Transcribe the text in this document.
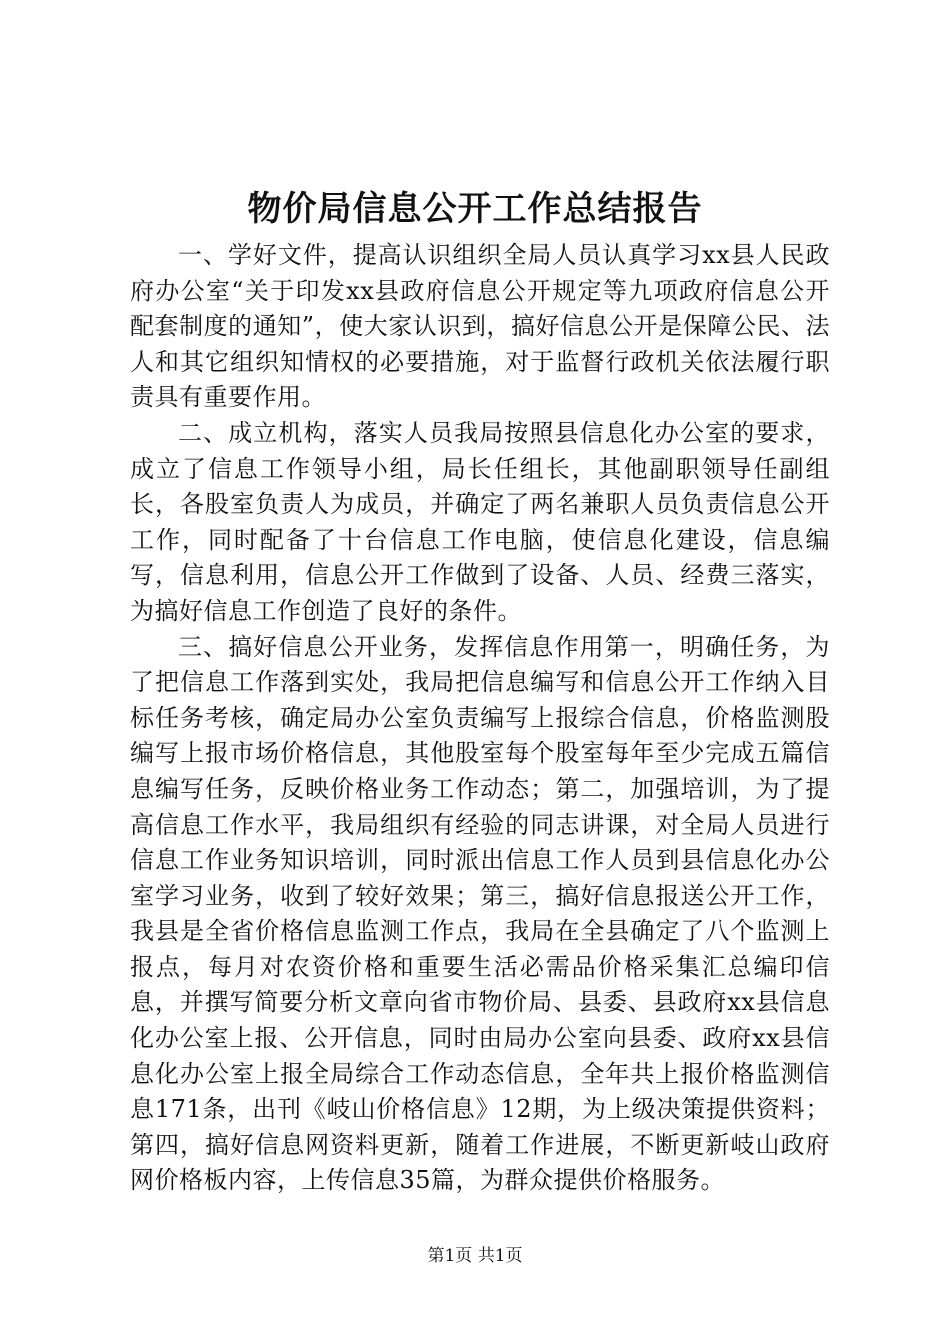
物价局信息公开工作总结报告

一、学好文件，提高认识组织全局人员认真学习xx县人民政府办公室“关于印发xx县政府信息公开规定等九项政府信息公开配套制度的通知”，使大家认识到，搞好信息公开是保障公民、法人和其它组织知情权的必要措施，对于监督行政机关依法履行职责具有重要作用。

二、成立机构，落实人员我局按照县信息化办公室的要求，成立了信息工作领导小组，局长任组长，其他副职领导任副组长，各股室负责人为成员，并确定了两名兼职人员负责信息公开工作，同时配备了十台信息工作电脑，使信息化建设，信息编写，信息利用，信息公开工作做到了设备、人员、经费三落实，为搞好信息工作创造了良好的条件。

三、搞好信息公开业务，发挥信息作用第一，明确任务，为了把信息工作落到实处，我局把信息编写和信息公开工作纳入目标任务考核，确定局办公室负责编写上报综合信息，价格监测股编写上报市场价格信息，其他股室每个股室每年至少完成五篇信息编写任务，反映价格业务工作动态；第二，加强培训，为了提高信息工作水平，我局组织有经验的同志讲课，对全局人员进行信息工作业务知识培训，同时派出信息工作人员到县信息化办公室学习业务，收到了较好效果；第三，搞好信息报送公开工作，我县是全省价格信息监测工作点，我局在全县确定了八个监测上报点，每月对农资价格和重要生活必需品价格采集汇总编印信息，并撰写简要分析文章向省市物价局、县委、县政府xx县信息化办公室上报、公开信息，同时由局办公室向县委、政府xx县信息化办公室上报全局综合工作动态信息，全年共上报价格监测信息171条，出刊《岐山价格信息》12期，为上级决策提供资料；第四，搞好信息网资料更新，随着工作进展，不断更新岐山政府网价格板内容，上传信息35篇，为群众提供价格服务。

第1页 共1页
